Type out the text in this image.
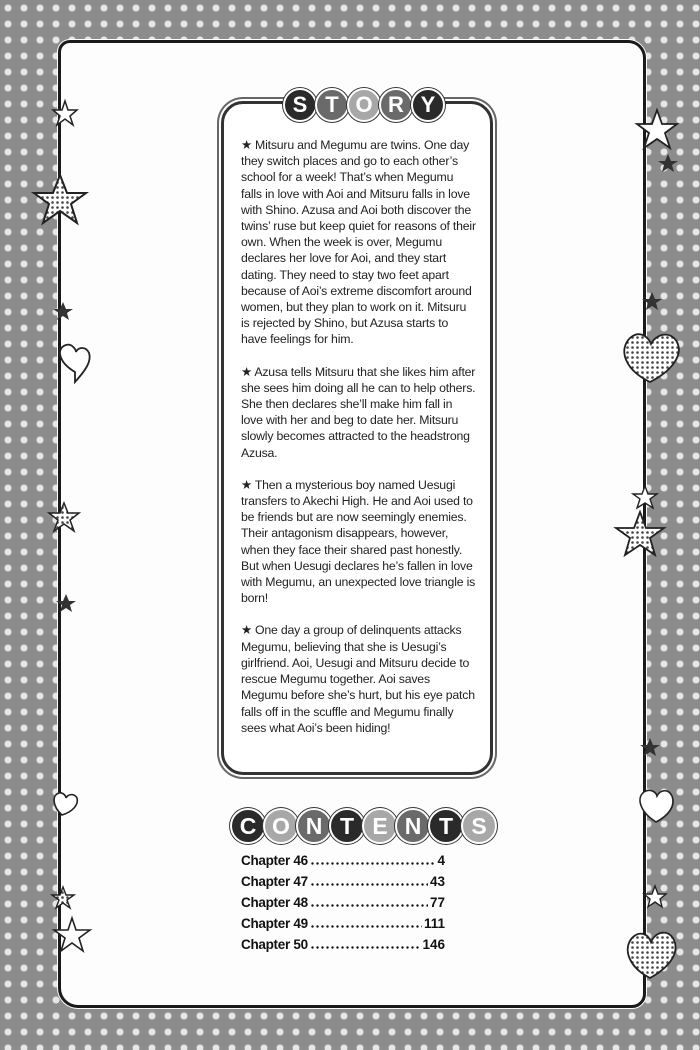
S T O R Y

★ Mitsuru and Megumu are twins. One day they switch places and go to each other’s school for a week! That’s when Megumu falls in love with Aoi and Mitsuru falls in love with Shino. Azusa and Aoi both discover the twins’ ruse but keep quiet for reasons of their own. When the week is over, Megumu declares her love for Aoi, and they start dating. They need to stay two feet apart because of Aoi’s extreme discomfort around women, but they plan to work on it. Mitsuru is rejected by Shino, but Azusa starts to have feelings for him.

★ Azusa tells Mitsuru that she likes him after she sees him doing all he can to help others. She then declares she’ll make him fall in love with her and beg to date her. Mitsuru slowly becomes attracted to the headstrong Azusa.

★ Then a mysterious boy named Uesugi transfers to Akechi High. He and Aoi used to be friends but are now seemingly enemies. Their antagonism disappears, however, when they face their shared past honestly. But when Uesugi declares he’s fallen in love with Megumu, an unexpected love triangle is born!

★ One day a group of delinquents attacks Megumu, believing that she is Uesugi’s girlfriend. Aoi, Uesugi and Mitsuru decide to rescue Megumu together. Aoi saves Megumu before she’s hurt, but his eye patch falls off in the scuffle and Megumu finally sees what Aoi’s been hiding!

C O N T E N T S
Chapter 46	4
Chapter 47	43
Chapter 48	77
Chapter 49	111
Chapter 50	146
